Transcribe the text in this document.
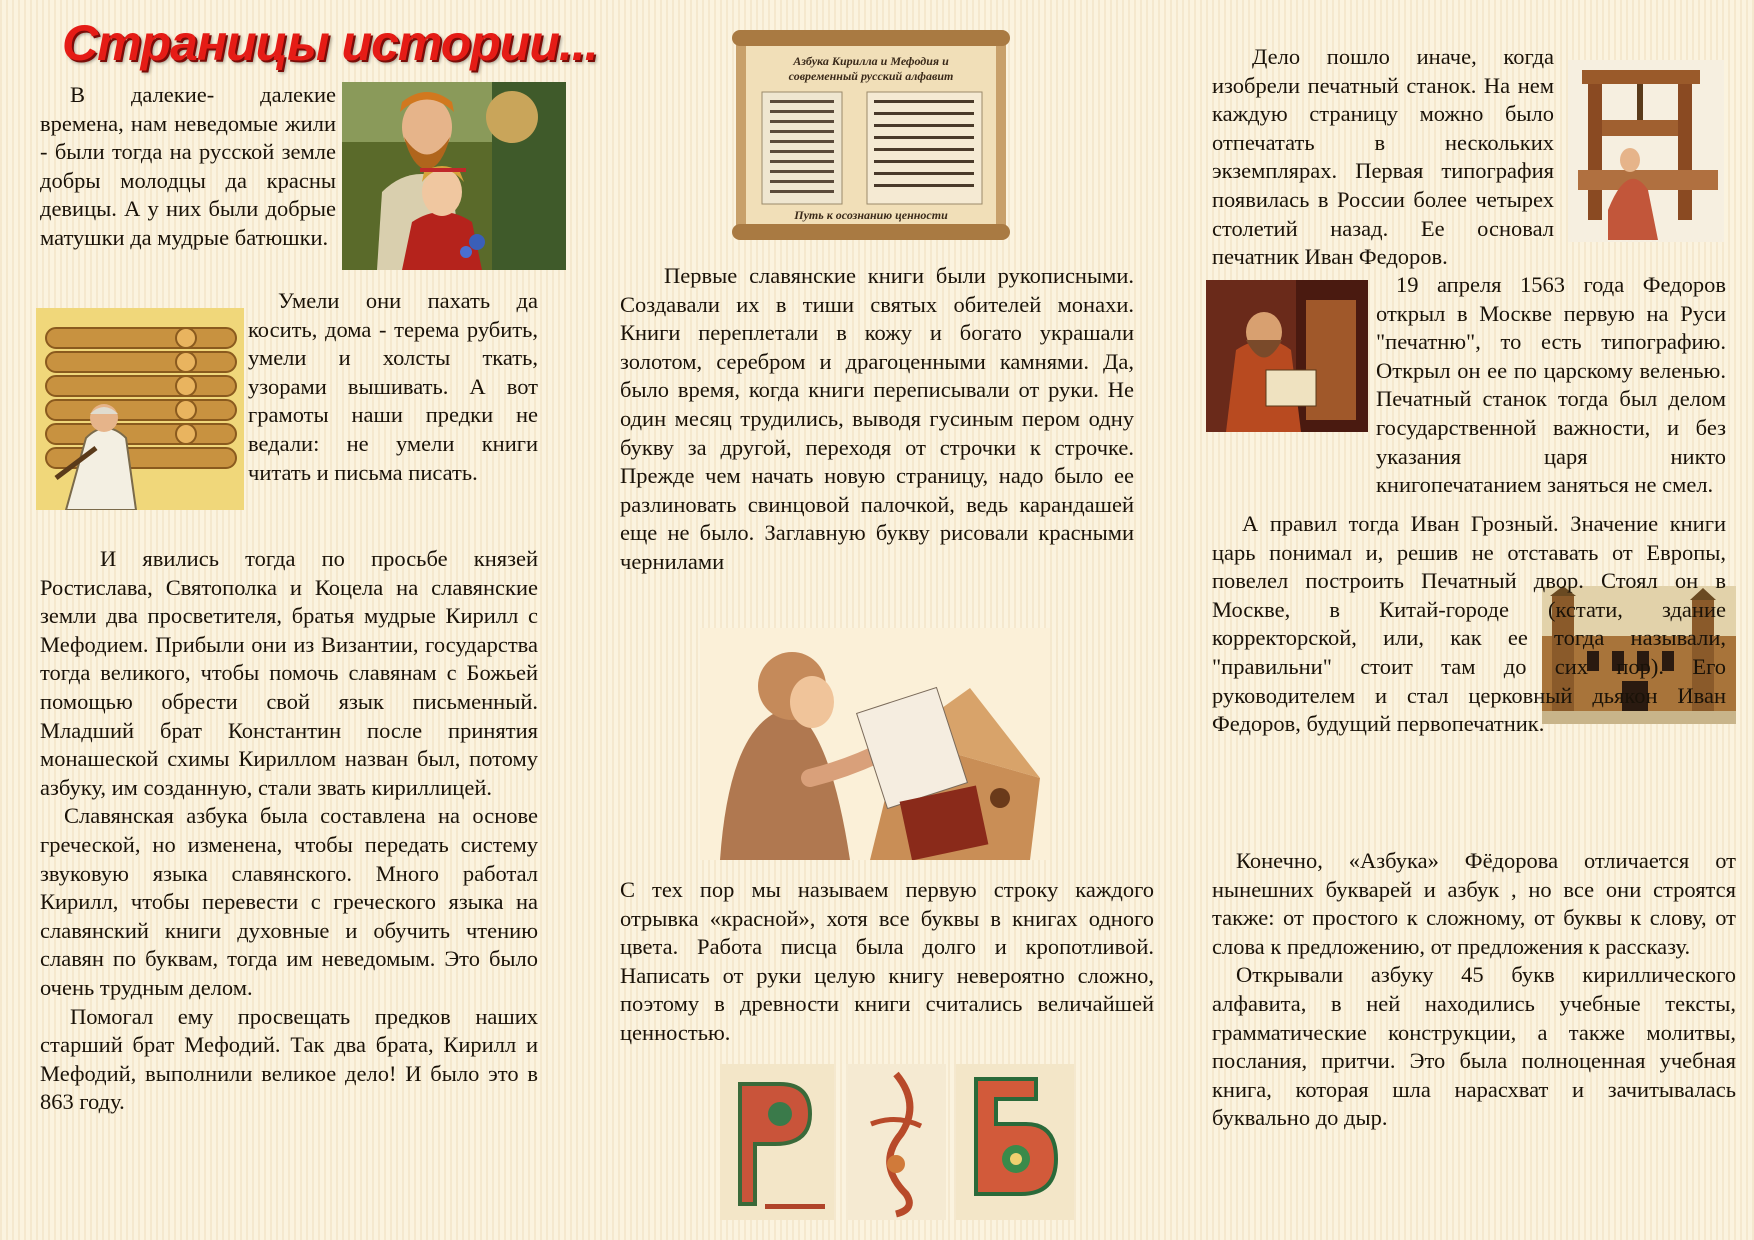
Страницы истории...

В далекие- далекие времена, нам неведомые жили - были тогда на русской земле добры молодцы да красны девицы. А у них были добрые матушки да мудрые батюшки.

Умели они пахать да косить, дома - терема рубить, умели и холсты ткать, узорами вышивать. А вот грамоты наши предки не ведали: не умели книги читать и письма писать.

И явились тогда по просьбе князей Ростислава, Святополка и Коцела на славянские земли два просветителя, братья мудрые Кирилл с Мефодием. Прибыли они из Византии, государства тогда великого, чтобы помочь славянам с Божьей помощью обрести свой язык письменный. Младший брат Константин после принятия монашеской схимы Кириллом назван был, потому азбуку, им созданную, стали звать кириллицей.

Славянская азбука была составлена на основе греческой, но изменена, чтобы передать систему звуковую языка славянского. Много работал Кирилл, чтобы перевести с греческого языка на славянский книги духовные и обучить чтению славян по буквам, тогда им неведомым. Это было очень трудным делом.

Помогал ему просвещать предков наших старший брат Мефодий. Так два брата, Кирилл и Мефодий, выполнили великое дело! И было это в 863 году.

Азбука Кирилла и Мефодия и
современный русский алфавит
Путь к осознанию ценности

Первые славянские книги были рукописными. Создавали их в тиши святых обителей монахи. Книги переплетали в кожу и богато украшали золотом, серебром и драгоценными камнями. Да, было время, когда книги переписывали от руки. Не один месяц трудились, выводя гусиным пером одну букву за другой, переходя от строчки к строчке. Прежде чем начать новую страницу, надо было ее разлиновать свинцовой палочкой, ведь карандашей еще не было. Заглавную букву рисовали красными чернилами

С тех пор мы называем первую строку каждого отрывка «красной», хотя все буквы в книгах одного цвета. Работа писца была долго и кропотливой. Написать от руки целую книгу невероятно сложно, поэтому в древности книги считались величайшей ценностью.

Дело пошло иначе, когда изобрели печатный станок. На нем каждую страницу можно было отпечатать в нескольких экземплярах. Первая типография появилась в России более четырех столетий назад. Ее основал печатник Иван Федоров.

19 апреля 1563 года Федоров открыл в Москве первую на Руси "печатню", то есть типографию. Открыл он ее по царскому веленью. Печатный станок тогда был делом государственной важности, и без указания царя никто книгопечатанием заняться не смел.

А правил тогда Иван Грозный. Значение книги царь понимал и, решив не отставать от Европы, повелел построить Печатный двор. Стоял он в Москве, в Китай-городе (кстати, здание корректорской, или, как ее тогда называли, "правильни" стоит там до сих пор). Его руководителем и стал церковный дьякон Иван Федоров, будущий первопечатник.

Конечно, «Азбука» Фёдорова отличается от нынешних букварей и азбук , но все они строятся также: от простого к сложному, от буквы к слову, от слова к предложению, от предложения к рассказу.

Открывали азбуку 45 букв кириллического алфавита, в ней находились учебные тексты, грамматические конструкции, а также молитвы, послания, притчи. Это была полноценная учебная книга, которая шла нарасхват и зачитывалась буквально до дыр.
